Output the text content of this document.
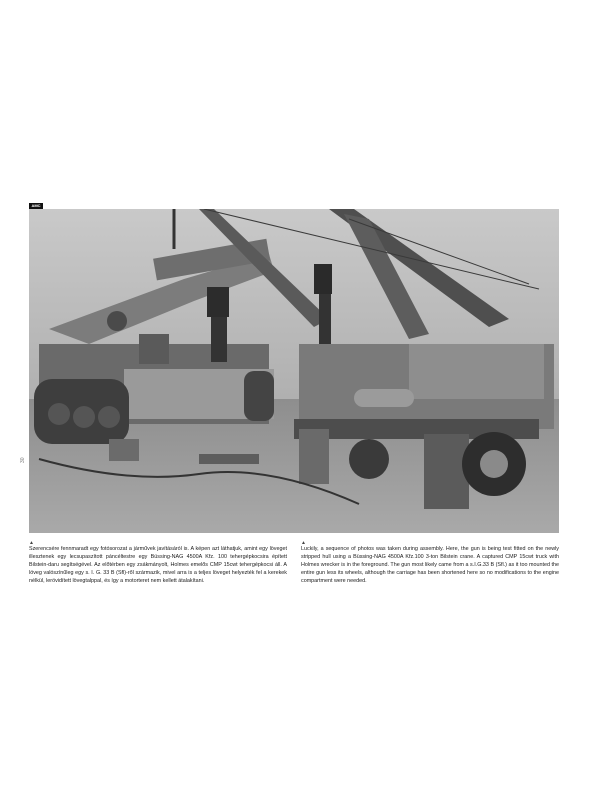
AMC
30
▲

Szerencsére fennmaradt egy fotósorozat a járművek javításáról is. A képen azt láthatjuk, amint egy löveget illesztenek egy lecsupaszított páncéltestre egy Büssing-NAG 4500A Kfz. 100 tehergépkocsira épített Bilstein-daru segítségével. Az előtérben egy zsákmányolt, Holmes emelős CMP 15cwt tehergépkocsi áll. A löveg valószínűleg egy s. I. G. 33 B (Sfl)-ről származik, mivel arra is a teljes löveget helyezték fel a kerekek nélkül, lerövidített lövegtalppal, és így a motorteret nem kellett átalakítani.

▲

Luckily, a sequence of photos was taken during assembly. Here, the gun is being test fitted on the newly stripped hull using a Büssing-NAG 4500A Kfz.100 3-ton Bilstein crane. A captured CMP 15cwt truck with Holmes wrecker is in the foreground. The gun most likely came from a s.I.G.33 B (Sfl.) as it too mounted the entire gun less its wheels, although the carriage has been shortened here so no modifications to the engine compartment were needed.
